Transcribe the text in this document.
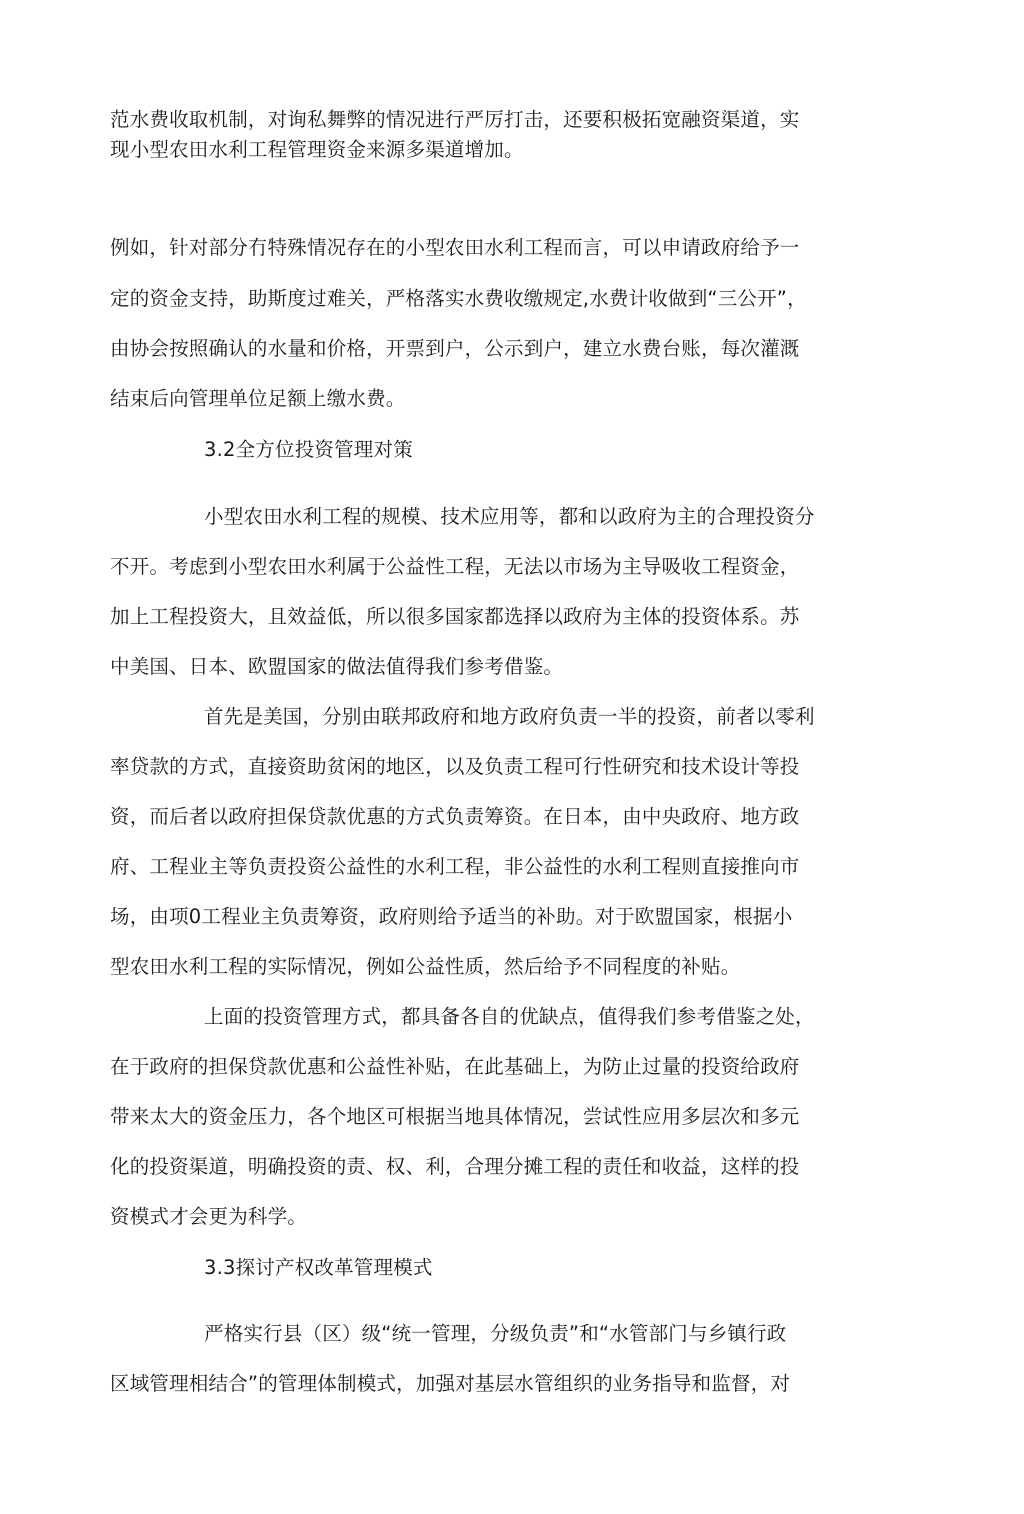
范水费收取机制，对询私舞弊的情况进行严厉打击，还要积极拓宽融资渠道，实
现小型农田水利工程管理资金来源多渠道增加。
例如，针对部分冇特殊情况存在的小型农田水利工程而言，可以申请政府给予一
定的资金支持，助斯度过难关，严格落实水费收缴规定,水费计收做到“三公开”，
由协会按照确认的水量和价格，开票到户，公示到户，建立水费台账，每次灌溉
结束后向管理单位足额上缴水费。
3.2全方位投资管理对策
小型农田水利工程的规模、技术应用等，都和以政府为主的合理投资分
不开。考虑到小型农田水利属于公益性工程，无法以市场为主导吸收工程资金，
加上工程投资大，且效益低，所以很多国家都选择以政府为主体的投资体系。苏
中美国、日本、欧盟国家的做法值得我们参考借鉴。
首先是美国，分别由联邦政府和地方政府负责一半的投资，前者以零利
率贷款的方式，直接资助贫闲的地区，以及负责工程可行性研究和技术设计等投
资，而后者以政府担保贷款优惠的方式负责筹资。在日本，由中央政府、地方政
府、工程业主等负责投资公益性的水利工程，非公益性的水利工程则直接推向市
场，由项0工程业主负责筹资，政府则给予适当的补助。对于欧盟国家，根据小
型农田水利工程的实际情况，例如公益性质，然后给予不同程度的补贴。
上面的投资管理方式，都具备各自的优缺点，值得我们参考借鉴之处，
在于政府的担保贷款优惠和公益性补贴，在此基础上，为防止过量的投资给政府
带来太大的资金压力，各个地区可根据当地具体情况，尝试性应用多层次和多元
化的投资渠道，明确投资的责、权、利，合理分摊工程的责任和收益，这样的投
资模式才会更为科学。
3.3探讨产权改革管理模式
严格实行县（区）级“统一管理，分级负责”和“水管部门与乡镇行政
区域管理相结合”的管理体制模式，加强对基层水管组织的业务指导和监督，对
